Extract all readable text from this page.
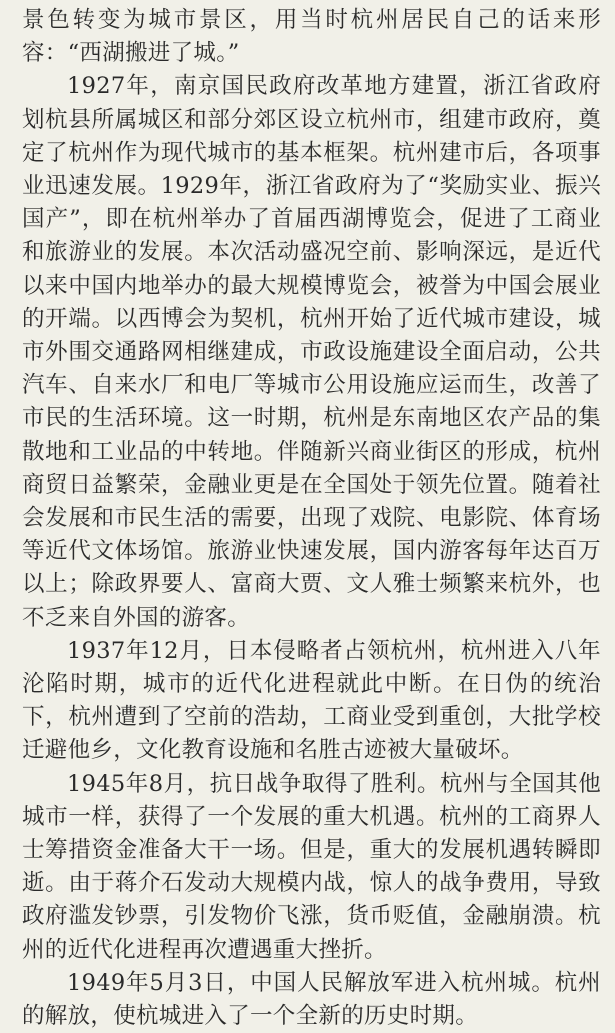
景色转变为城市景区，用当时杭州居民自己的话来形容：“西湖搬进了城。”

1927年，南京国民政府改革地方建置，浙江省政府划杭县所属城区和部分郊区设立杭州市，组建市政府，奠定了杭州作为现代城市的基本框架。杭州建市后，各项事业迅速发展。1929年，浙江省政府为了“奖励实业、振兴国产”，即在杭州举办了首届西湖博览会，促进了工商业和旅游业的发展。本次活动盛况空前、影响深远，是近代以来中国内地举办的最大规模博览会，被誉为中国会展业的开端。以西博会为契机，杭州开始了近代城市建设，城市外围交通路网相继建成，市政设施建设全面启动，公共汽车、自来水厂和电厂等城市公用设施应运而生，改善了市民的生活环境。这一时期，杭州是东南地区农产品的集散地和工业品的中转地。伴随新兴商业街区的形成，杭州商贸日益繁荣，金融业更是在全国处于领先位置。随着社会发展和市民生活的需要，出现了戏院、电影院、体育场等近代文体场馆。旅游业快速发展，国内游客每年达百万以上；除政界要人、富商大贾、文人雅士频繁来杭外，也不乏来自外国的游客。

1937年12月，日本侵略者占领杭州，杭州进入八年沦陷时期，城市的近代化进程就此中断。在日伪的统治下，杭州遭到了空前的浩劫，工商业受到重创，大批学校迁避他乡，文化教育设施和名胜古迹被大量破坏。

1945年8月，抗日战争取得了胜利。杭州与全国其他城市一样，获得了一个发展的重大机遇。杭州的工商界人士筹措资金准备大干一场。但是，重大的发展机遇转瞬即逝。由于蒋介石发动大规模内战，惊人的战争费用，导致政府滥发钞票，引发物价飞涨，货币贬值，金融崩溃。杭州的近代化进程再次遭遇重大挫折。

1949年5月3日，中国人民解放军进入杭州城。杭州的解放，使杭城进入了一个全新的历史时期。
